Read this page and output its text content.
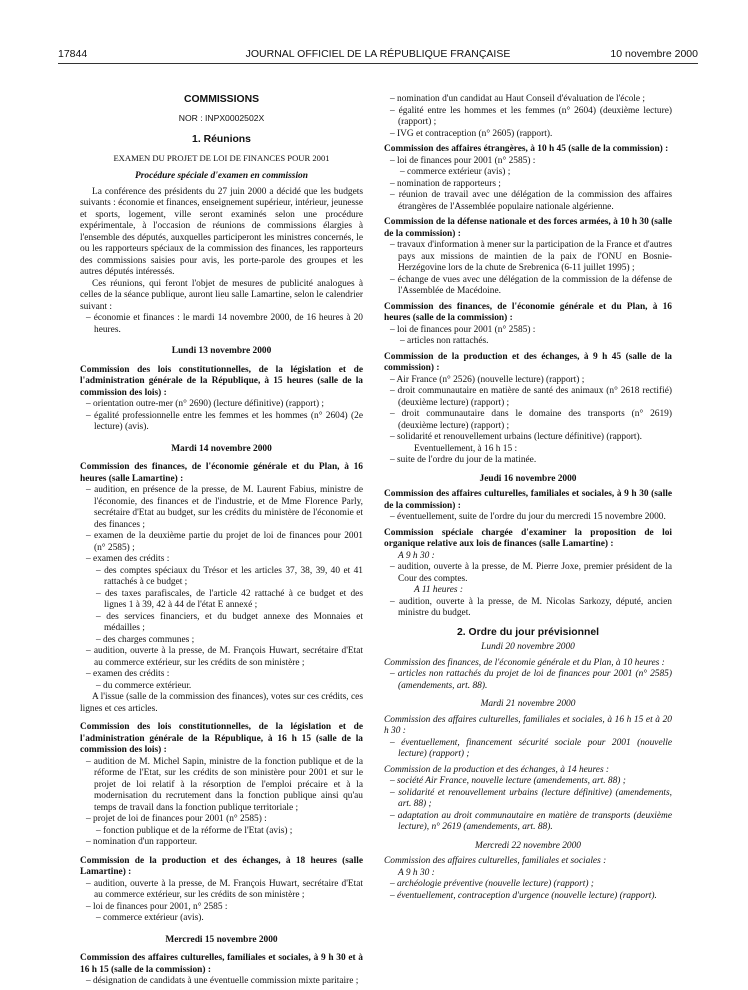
17844	JOURNAL OFFICIEL DE LA RÉPUBLIQUE FRANÇAISE	10 novembre 2000

COMMISSIONS

NOR : INPX0002502X

1. Réunions

EXAMEN DU PROJET DE LOI DE FINANCES POUR 2001

Procédure spéciale d'examen en commission

La conférence des présidents du 27 juin 2000 a décidé que les budgets suivants : économie et finances, enseignement supérieur, intérieur, jeunesse et sports, logement, ville seront examinés selon une procédure expérimentale, à l'occasion de réunions de commissions élargies à l'ensemble des députés, auxquelles participeront les ministres concernés, le ou les rapporteurs spéciaux de la commission des finances, les rapporteurs des commissions saisies pour avis, les porte-parole des groupes et les autres députés intéressés.

Ces réunions, qui feront l'objet de mesures de publicité analogues à celles de la séance publique, auront lieu salle Lamartine, selon le calendrier suivant :

– économie et finances : le mardi 14 novembre 2000, de 16 heures à 20 heures.

Lundi 13 novembre 2000

Commission des lois constitutionnelles, de la législation et de l'administration générale de la République, à 15 heures (salle de la commission des lois) :

– orientation outre-mer (n° 2690) (lecture définitive) (rapport) ;

– égalité professionnelle entre les femmes et les hommes (n° 2604) (2e lecture) (avis).

Mardi 14 novembre 2000

Commission des finances, de l'économie générale et du Plan, à 16 heures (salle Lamartine) :

– audition, en présence de la presse, de M. Laurent Fabius, ministre de l'économie, des finances et de l'industrie, et de Mme Florence Parly, secrétaire d'Etat au budget, sur les crédits du ministère de l'économie et des finances ;

– examen de la deuxième partie du projet de loi de finances pour 2001 (n° 2585) ;

– examen des crédits :

– des comptes spéciaux du Trésor et les articles 37, 38, 39, 40 et 41 rattachés à ce budget ;

– des taxes parafiscales, de l'article 42 rattaché à ce budget et des lignes 1 à 39, 42 à 44 de l'état E annexé ;

– des services financiers, et du budget annexe des Monnaies et médailles ;

– des charges communes ;

– audition, ouverte à la presse, de M. François Huwart, secrétaire d'Etat au commerce extérieur, sur les crédits de son ministère ;

– examen des crédits :

– du commerce extérieur.

A l'issue (salle de la commission des finances), votes sur ces crédits, ces lignes et ces articles.

Commission des lois constitutionnelles, de la législation et de l'administration générale de la République, à 16 h 15 (salle de la commission des lois) :

– audition de M. Michel Sapin, ministre de la fonction publique et de la réforme de l'Etat, sur les crédits de son ministère pour 2001 et sur le projet de loi relatif à la résorption de l'emploi précaire et à la modernisation du recrutement dans la fonction publique ainsi qu'au temps de travail dans la fonction publique territoriale ;

– projet de loi de finances pour 2001 (n° 2585) :

– fonction publique et de la réforme de l'Etat (avis) ;

– nomination d'un rapporteur.

Commission de la production et des échanges, à 18 heures (salle Lamartine) :

– audition, ouverte à la presse, de M. François Huwart, secrétaire d'Etat au commerce extérieur, sur les crédits de son ministère ;

– loi de finances pour 2001, n° 2585 :

– commerce extérieur (avis).

Mercredi 15 novembre 2000

Commission des affaires culturelles, familiales et sociales, à 9 h 30 et à 16 h 15 (salle de la commission) :

– désignation de candidats à une éventuelle commission mixte paritaire ;

– nomination d'un candidat au Haut Conseil d'évaluation de l'école ;

– égalité entre les hommes et les femmes (n° 2604) (deuxième lecture) (rapport) ;

– IVG et contraception (n° 2605) (rapport).

Commission des affaires étrangères, à 10 h 45 (salle de la commission) :

– loi de finances pour 2001 (n° 2585) :

– commerce extérieur (avis) ;

– nomination de rapporteurs ;

– réunion de travail avec une délégation de la commission des affaires étrangères de l'Assemblée populaire nationale algérienne.

Commission de la défense nationale et des forces armées, à 10 h 30 (salle de la commission) :

– travaux d'information à mener sur la participation de la France et d'autres pays aux missions de maintien de la paix de l'ONU en Bosnie-Herzégovine lors de la chute de Srebrenica (6-11 juillet 1995) ;

– échange de vues avec une délégation de la commission de la défense de l'Assemblée de Macédoine.

Commission des finances, de l'économie générale et du Plan, à 16 heures (salle de la commission) :

– loi de finances pour 2001 (n° 2585) :

– articles non rattachés.

Commission de la production et des échanges, à 9 h 45 (salle de la commission) :

– Air France (n° 2526) (nouvelle lecture) (rapport) ;

– droit communautaire en matière de santé des animaux (n° 2618 rectifié) (deuxième lecture) (rapport) ;

– droit communautaire dans le domaine des transports (n° 2619) (deuxième lecture) (rapport) ;

– solidarité et renouvellement urbains (lecture définitive) (rapport).

Eventuellement, à 16 h 15 :

– suite de l'ordre du jour de la matinée.

Jeudi 16 novembre 2000

Commission des affaires culturelles, familiales et sociales, à 9 h 30 (salle de la commission) :

– éventuellement, suite de l'ordre du jour du mercredi 15 novembre 2000.

Commission spéciale chargée d'examiner la proposition de loi organique relative aux lois de finances (salle Lamartine) :

A 9 h 30 :

– audition, ouverte à la presse, de M. Pierre Joxe, premier président de la Cour des comptes.

A 11 heures :

– audition, ouverte à la presse, de M. Nicolas Sarkozy, député, ancien ministre du budget.

2. Ordre du jour prévisionnel

Lundi 20 novembre 2000

Commission des finances, de l'économie générale et du Plan, à 10 heures :

– articles non rattachés du projet de loi de finances pour 2001 (n° 2585) (amendements, art. 88).

Mardi 21 novembre 2000

Commission des affaires culturelles, familiales et sociales, à 16 h 15 et à 20 h 30 :

– éventuellement, financement sécurité sociale pour 2001 (nouvelle lecture) (rapport) ;

Commission de la production et des échanges, à 14 heures :

– société Air France, nouvelle lecture (amendements, art. 88) ;

– solidarité et renouvellement urbains (lecture définitive) (amendements, art. 88) ;

– adaptation au droit communautaire en matière de transports (deuxième lecture), n° 2619 (amendements, art. 88).

Mercredi 22 novembre 2000

Commission des affaires culturelles, familiales et sociales :

A 9 h 30 :

– archéologie préventive (nouvelle lecture) (rapport) ;

– éventuellement, contraception d'urgence (nouvelle lecture) (rapport).
